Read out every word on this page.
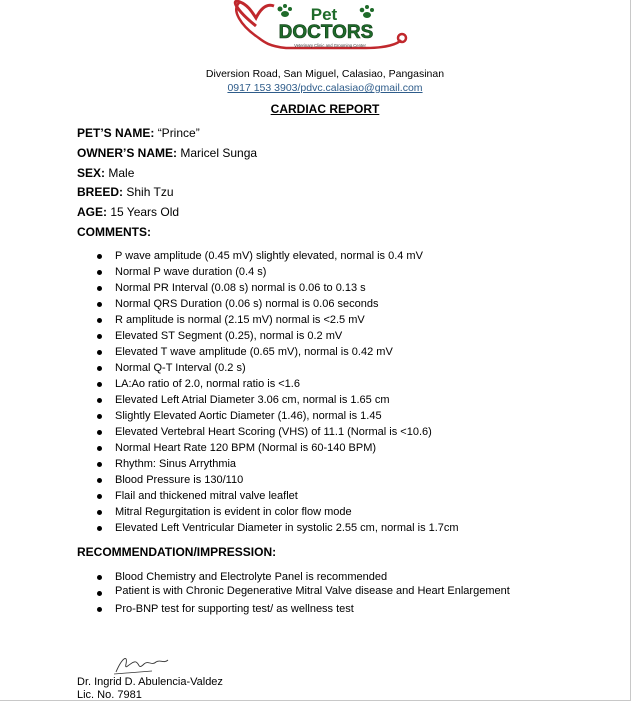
Pet
DOCTORS
Veterinary Clinic and Grooming Center
Diversion Road, San Miguel, Calasiao, Pangasinan
0917 153 3903/pdvc.calasiao@gmail.com
CARDIAC REPORT
PET’S NAME: “Prince”
OWNER’S NAME: Maricel Sunga
SEX: Male
BREED: Shih Tzu
AGE: 15 Years Old
COMMENTS:
P wave amplitude (0.45 mV) slightly elevated, normal is 0.4 mV
Normal P wave duration (0.4 s)
Normal PR Interval (0.08 s) normal is 0.06 to 0.13 s
Normal QRS Duration (0.06 s) normal is 0.06 seconds
R amplitude is normal (2.15 mV) normal is <2.5 mV
Elevated ST Segment (0.25), normal is 0.2 mV
Elevated T wave amplitude (0.65 mV), normal is 0.42 mV
Normal Q-T Interval (0.2 s)
LA:Ao ratio of 2.0, normal ratio is <1.6
Elevated Left Atrial Diameter 3.06 cm, normal is 1.65 cm
Slightly Elevated Aortic Diameter (1.46), normal is 1.45
Elevated Vertebral Heart Scoring (VHS) of 11.1 (Normal is <10.6)
Normal Heart Rate 120 BPM (Normal is 60-140 BPM)
Rhythm: Sinus Arrythmia
Blood Pressure is 130/110
Flail and thickened mitral valve leaflet
Mitral Regurgitation is evident in color flow mode
Elevated Left Ventricular Diameter in systolic 2.55 cm, normal is 1.7cm
RECOMMENDATION/IMPRESSION:
Blood Chemistry and Electrolyte Panel is recommended
Patient is with Chronic Degenerative Mitral Valve disease and Heart Enlargement
Pro-BNP test for supporting test/ as wellness test
Dr. Ingrid D. Abulencia-Valdez
Lic. No. 7981
